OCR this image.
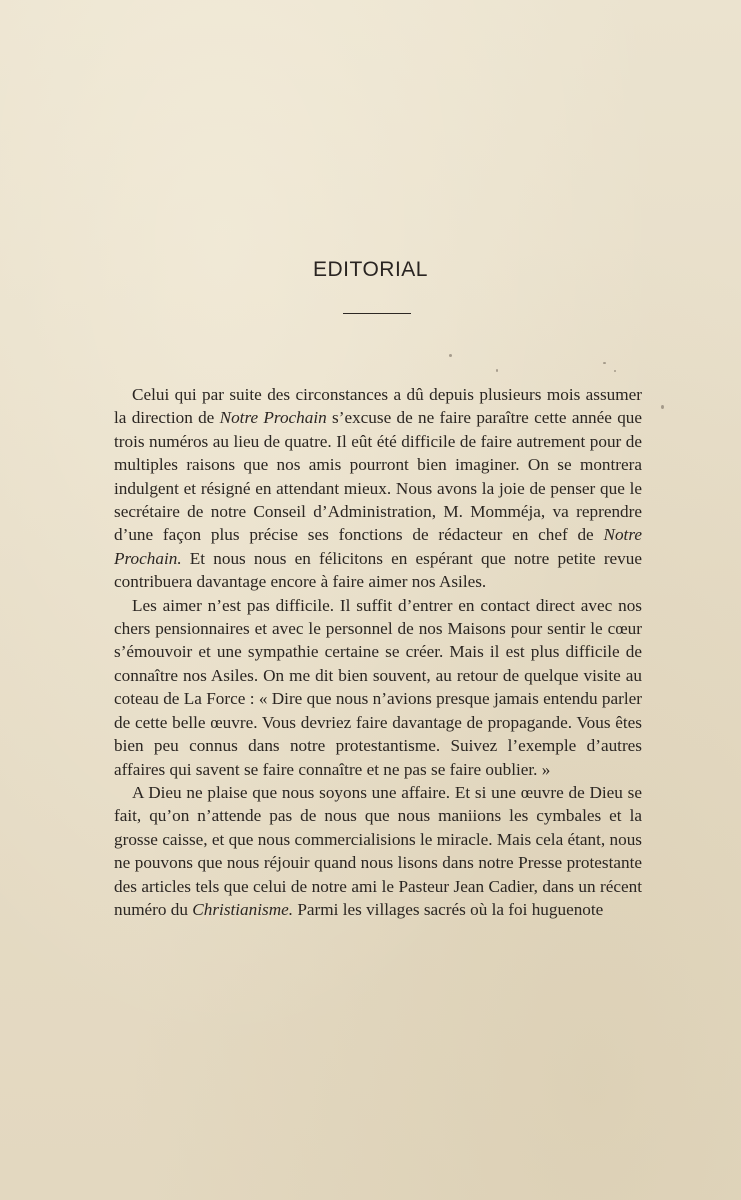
EDITORIAL

Celui qui par suite des circonstances a dû depuis plusieurs mois assumer la direction de Notre Prochain s’excuse de ne faire paraître cette année que trois numéros au lieu de quatre. Il eût été difficile de faire autrement pour de multiples raisons que nos amis pourront bien imaginer. On se montrera indulgent et résigné en attendant mieux. Nous avons la joie de penser que le secrétaire de notre Conseil d’Administration, M. Momméja, va reprendre d’une façon plus précise ses fonctions de rédacteur en chef de Notre Prochain. Et nous nous en félicitons en espérant que notre petite revue contribuera davantage encore à faire aimer nos Asiles.

Les aimer n’est pas difficile. Il suffit d’entrer en contact direct avec nos chers pensionnaires et avec le personnel de nos Maisons pour sentir le cœur s’émouvoir et une sympathie certaine se créer. Mais il est plus difficile de connaître nos Asiles. On me dit bien souvent, au retour de quelque visite au coteau de La Force : « Dire que nous n’avions presque jamais entendu parler de cette belle œuvre. Vous devriez faire davantage de propagande. Vous êtes bien peu connus dans notre protestantisme. Suivez l’exemple d’autres affaires qui savent se faire connaître et ne pas se faire oublier. »

A Dieu ne plaise que nous soyons une affaire. Et si une œuvre de Dieu se fait, qu’on n’attende pas de nous que nous maniions les cymbales et la grosse caisse, et que nous commercialisions le miracle. Mais cela étant, nous ne pouvons que nous réjouir quand nous lisons dans notre Presse protestante des articles tels que celui de notre ami le Pasteur Jean Cadier, dans un récent numéro du Christianisme. Parmi les villages sacrés où la foi huguenote
